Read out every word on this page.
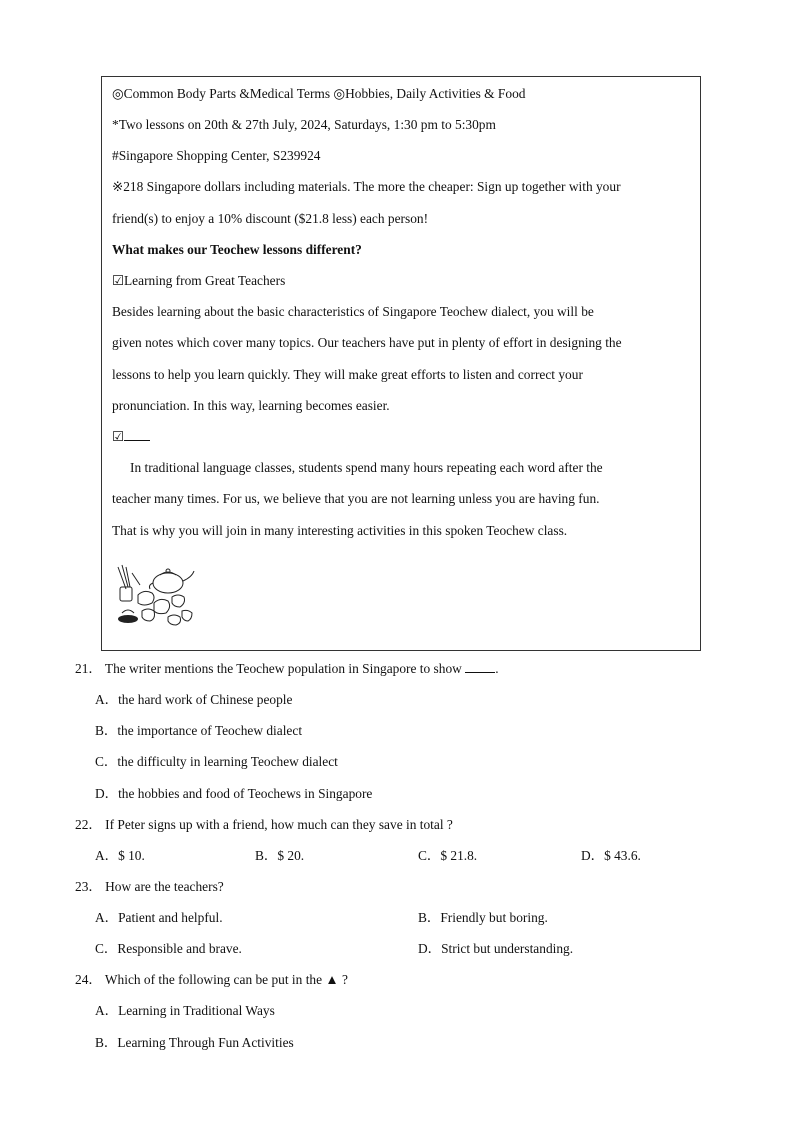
◎Common Body Parts &Medical Terms ◎Hobbies, Daily Activities & Food
*Two lessons on 20th & 27th July, 2024, Saturdays, 1:30 pm to 5:30pm
#Singapore Shopping Center, S239924
※218 Singapore dollars including materials. The more the cheaper: Sign up together with your
friend(s) to enjoy a 10% discount ($21.8 less) each person!
What makes our Teochew lessons different?
☑Learning from Great Teachers
Besides learning about the basic characteristics of Singapore Teochew dialect, you will be
given notes which cover many topics. Our teachers have put in plenty of effort in designing the
lessons to help you learn quickly. They will make great efforts to listen and correct your
pronunciation. In this way, learning becomes easier.
☑
In traditional language classes, students spend many hours repeating each word after the
teacher many times. For us, we believe that you are not learning unless you are having fun.
That is why you will join in many interesting activities in this spoken Teochew class.
21． The writer mentions the Teochew population in Singapore to show .
A．the hard work of Chinese people
B．the importance of Teochew dialect
C．the difficulty in learning Teochew dialect
D．the hobbies and food of Teochews in Singapore
22． If Peter signs up with a friend, how much can they save in total ?
A．$ 10.	B．$ 20.	C．$ 21.8.	D．$ 43.6.
23． How are the teachers?
A．Patient and helpful.	B．Friendly but boring.
C．Responsible and brave.	D．Strict but understanding.
24． Which of the following can be put in the ▲ ?
A．Learning in Traditional Ways
B．Learning Through Fun Activities
